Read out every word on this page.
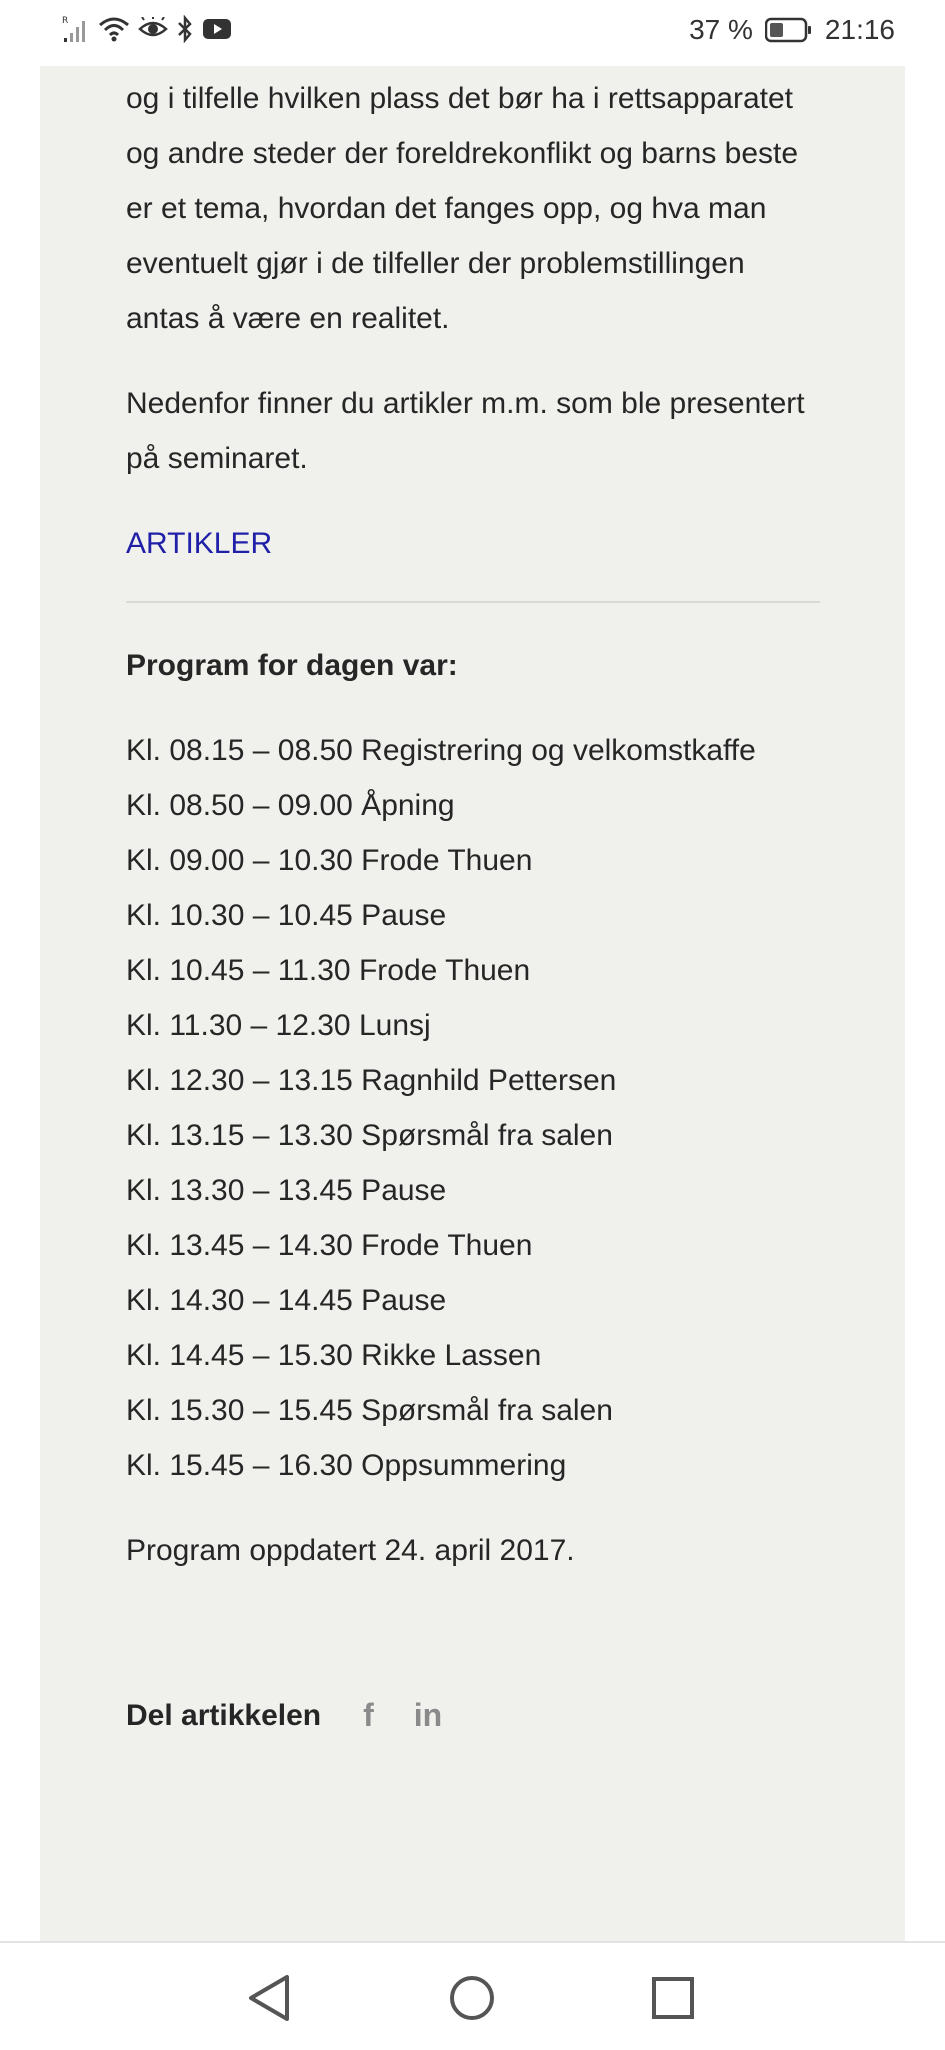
R	37 %	21:16

og i tilfelle hvilken plass det bør ha i rettsapparatet og andre steder der foreldrekonflikt og barns beste er et tema, hvordan det fanges opp, og hva man eventuelt gjør i de tilfeller der problemstillingen antas å være en realitet.

Nedenfor finner du artikler m.m. som ble presentert på seminaret.

ARTIKLER
Program for dagen var:
Kl. 08.15 – 08.50 Registrering og velkomstkaffe
Kl. 08.50 – 09.00 Åpning
Kl. 09.00 – 10.30 Frode Thuen
Kl. 10.30 – 10.45 Pause
Kl. 10.45 – 11.30 Frode Thuen
Kl. 11.30 – 12.30 Lunsj
Kl. 12.30 – 13.15 Ragnhild Pettersen
Kl. 13.15 – 13.30 Spørsmål fra salen
Kl. 13.30 – 13.45 Pause
Kl. 13.45 – 14.30 Frode Thuen
Kl. 14.30 – 14.45 Pause
Kl. 14.45 – 15.30 Rikke Lassen
Kl. 15.30 – 15.45 Spørsmål fra salen
Kl. 15.45 – 16.30 Oppsummering
Program oppdatert 24. april 2017.
Del artikkelen f in
